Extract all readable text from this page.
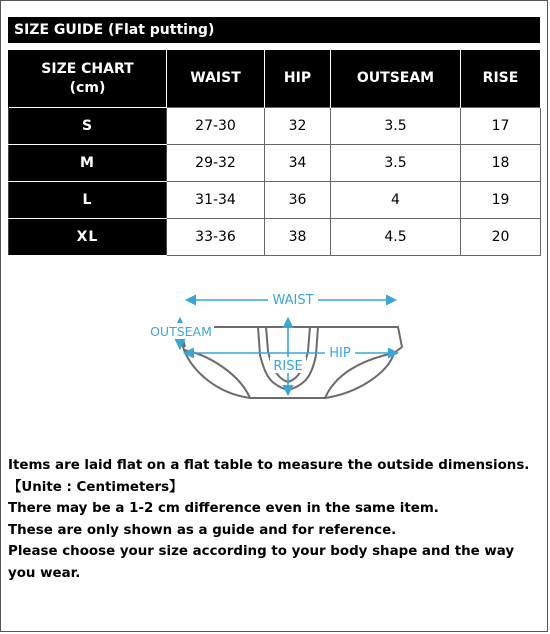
SIZE GUIDE (Flat putting)
SIZE CHART
(cm)	WAIST	HIP	OUTSEAM	RISE
S	27-30	32	3.5	17
M	29-32	34	3.5	18
L	31-34	36	4	19
XL	33-36	38	4.5	20
WAIST
OUTSEAM
RISE
HIP
Items are laid flat on a flat table to measure the outside dimensions.
【Unite : Centimeters】
There may be a 1-2 cm difference even in the same item.
These are only shown as a guide and for reference.
Please choose your size according to your body shape and the way you wear.
